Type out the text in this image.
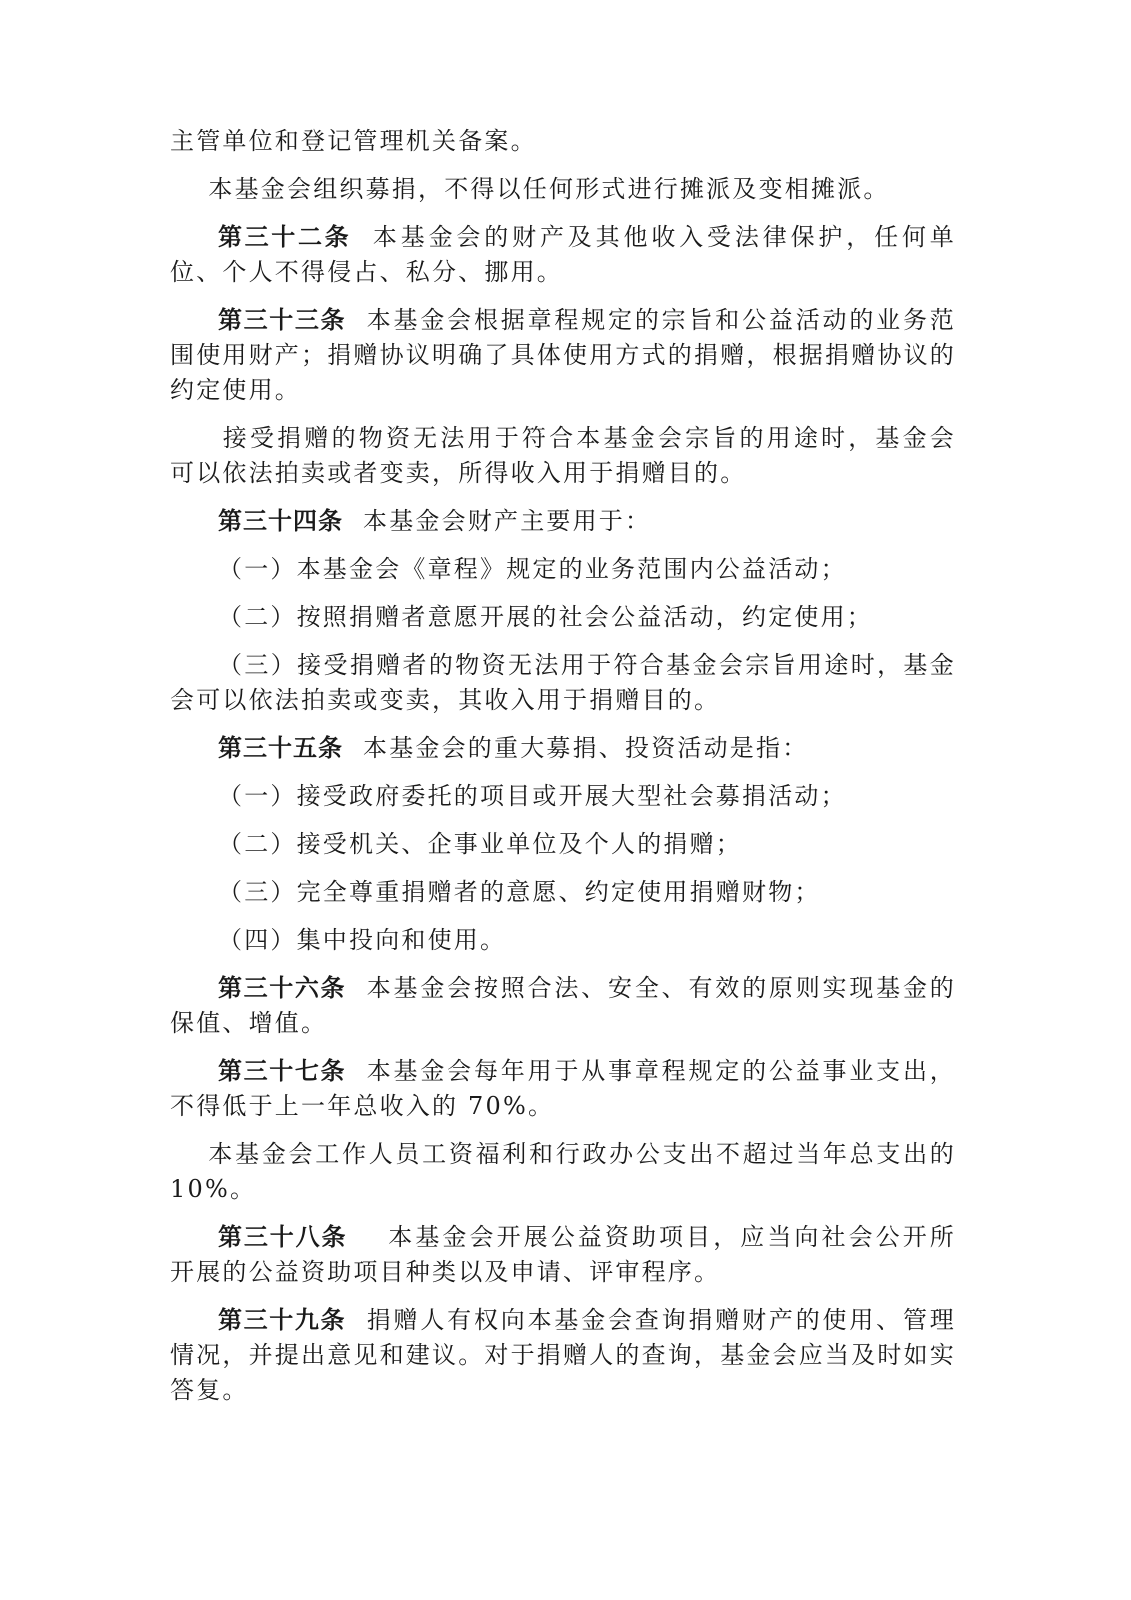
主管单位和登记管理机关备案。

本基金会组织募捐，不得以任何形式进行摊派及变相摊派。

第三十二条 本基金会的财产及其他收入受法律保护，任何单位、个人不得侵占、私分、挪用。

第三十三条 本基金会根据章程规定的宗旨和公益活动的业务范围使用财产；捐赠协议明确了具体使用方式的捐赠，根据捐赠协议的约定使用。

接受捐赠的物资无法用于符合本基金会宗旨的用途时，基金会可以依法拍卖或者变卖，所得收入用于捐赠目的。

第三十四条 本基金会财产主要用于：

（一）本基金会《章程》规定的业务范围内公益活动；

（二）按照捐赠者意愿开展的社会公益活动，约定使用；

（三）接受捐赠者的物资无法用于符合基金会宗旨用途时，基金会可以依法拍卖或变卖，其收入用于捐赠目的。

第三十五条 本基金会的重大募捐、投资活动是指：

（一）接受政府委托的项目或开展大型社会募捐活动；

（二）接受机关、企事业单位及个人的捐赠；

（三）完全尊重捐赠者的意愿、约定使用捐赠财物；

（四）集中投向和使用。

第三十六条 本基金会按照合法、安全、有效的原则实现基金的保值、增值。

第三十七条 本基金会每年用于从事章程规定的公益事业支出，不得低于上一年总收入的 70%。

本基金会工作人员工资福利和行政办公支出不超过当年总支出的 10%。

第三十八条 本基金会开展公益资助项目，应当向社会公开所开展的公益资助项目种类以及申请、评审程序。

第三十九条 捐赠人有权向本基金会查询捐赠财产的使用、管理情况，并提出意见和建议。对于捐赠人的查询，基金会应当及时如实答复。
